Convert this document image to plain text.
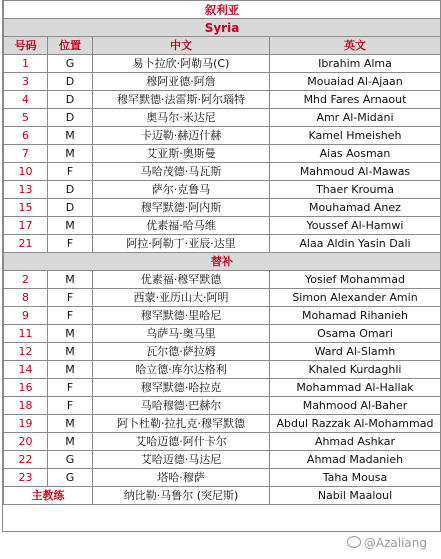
叙利亚			
Syria			
号码	位置	中文	英文
1	G	易卜拉欣·阿勒马(C)	Ibrahim Alma
3	D	穆阿亚德·阿詹	Mouaiad Al-Ajaan
4	D	穆罕默德·法雷斯·阿尔瑙特	Mhd Fares Arnaout
5	D	奥马尔·米达尼	Amr Al-Midani
6	M	卡迈勒·赫迈什赫	Kamel Hmeisheh
7	M	艾亚斯·奥斯曼	Aias Aosman
10	F	马哈茂德·马瓦斯	Mahmoud Al-Mawas
13	D	萨尔·克鲁马	Thaer Krouma
15	D	穆罕默德·阿内斯	Mouhamad Anez
17	M	优素福·哈马维	Youssef Al-Hamwi
21	F	阿拉·阿勒丁·亚辰·达里	Alaa Aldin Yasin Dali
替补			
2	M	优素福·穆罕默德	Yosief Mohammad
8	F	西蒙·亚历山大·阿明	Simon Alexander Amin
9	F	穆罕默德·里哈尼	Mohamad Rihanieh
11	M	乌萨马·奥马里	Osama Omari
12	M	瓦尔德·萨拉姆	Ward Al-Slamh
14	M	哈立德·库尔达格利	Khaled Kurdaghli
16	F	穆罕默德·哈拉克	Mohammad Al-Hallak
18	F	马哈穆德·巴赫尔	Mahmood Al-Baher
19	M	阿卜杜勒·拉扎克·穆罕默德	Abdul Razzak Al-Mohammad
20	M	艾哈迈德·阿什卡尔	Ahmad Ashkar
22	G	艾哈迈德·马达尼	Ahmad Madanieh
23	G	塔哈·穆萨	Taha Mousa
主教练		纳比勒·马鲁尔 (突尼斯)	Nabil Maaloul
@Azaliang
